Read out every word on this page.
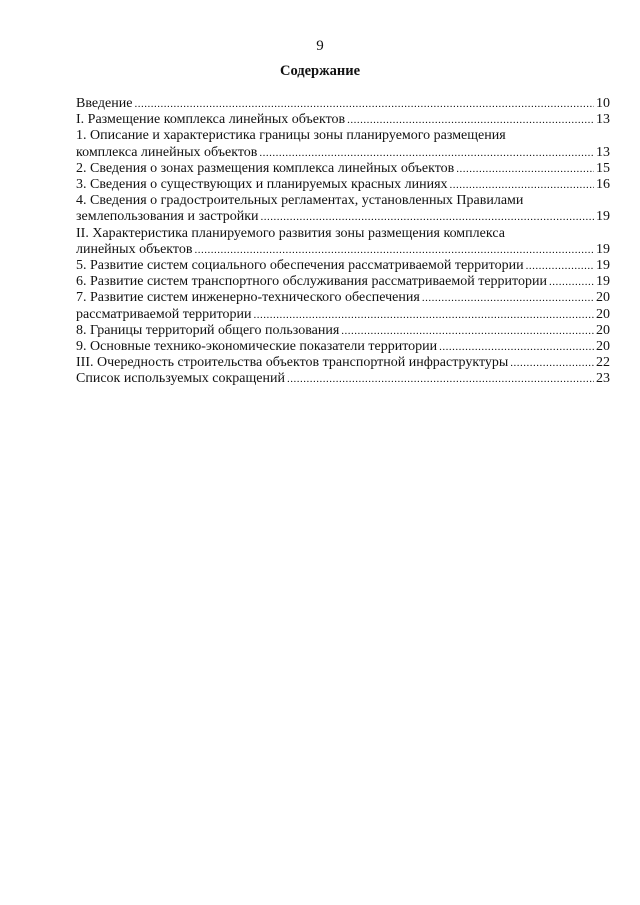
9
Содержание
Введение .....	10
I. Размещение комплекса линейных объектов .....	13
1. Описание и характеристика границы зоны планируемого размещения
комплекса линейных объектов .....	13
2. Сведения о зонах размещения комплекса линейных объектов .....	15
3. Сведения о существующих и планируемых красных линиях .....	16
4. Сведения о градостроительных регламентах, установленных Правилами
землепользования и застройки .....	19
II. Характеристика планируемого развития зоны размещения комплекса
линейных объектов .....	19
5. Развитие систем социального обеспечения рассматриваемой территории .....	19
6. Развитие систем транспортного обслуживания рассматриваемой территории .....	19
7. Развитие систем инженерно-технического обеспечения .....	20
рассматриваемой территории .....	20
8. Границы территорий общего пользования .....	20
9. Основные технико-экономические показатели территории .....	20
III. Очередность строительства объектов транспортной инфраструктуры .....	22
Список используемых сокращений .....	23
